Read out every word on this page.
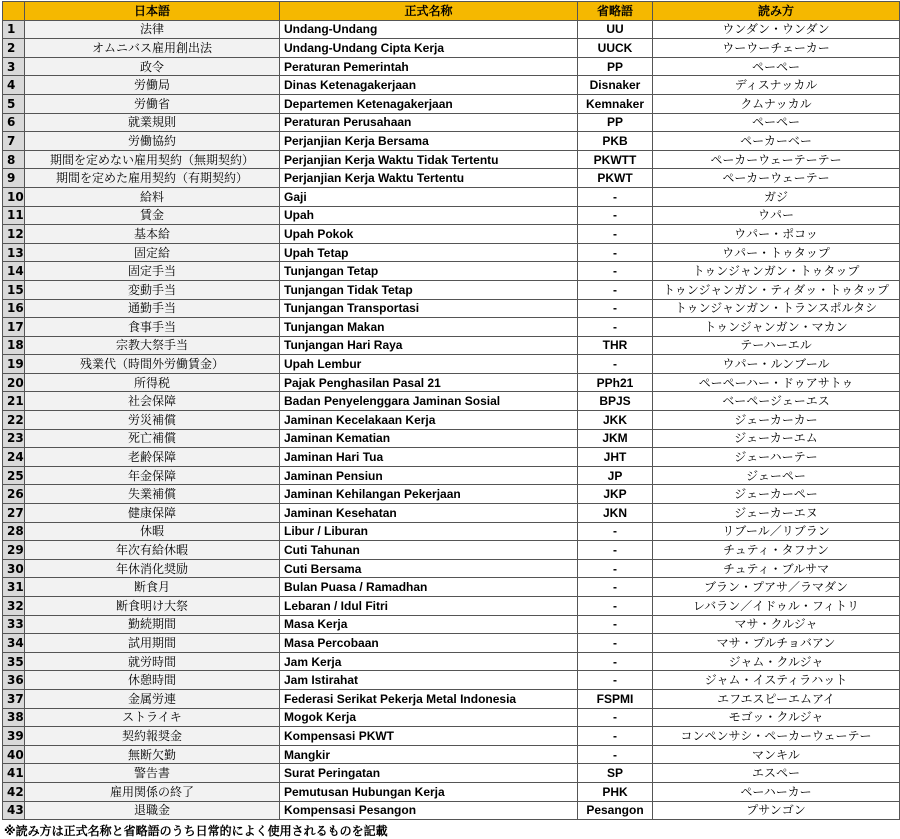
	日本語	正式名称	省略語	読み方
1	法律	Undang-Undang	UU	ウンダン・ウンダン
2	オムニバス雇用創出法	Undang-Undang Cipta Kerja	UUCK	ウーウーチェーカー
3	政令	Peraturan Pemerintah	PP	ペーペー
4	労働局	Dinas Ketenagakerjaan	Disnaker	ディスナッカル
5	労働省	Departemen Ketenagakerjaan	Kemnaker	クムナッカル
6	就業規則	Peraturan Perusahaan	PP	ペーペー
7	労働協約	Perjanjian Kerja Bersama	PKB	ペーカーベー
8	期間を定めない雇用契約（無期契約）	Perjanjian Kerja Waktu Tidak Tertentu	PKWTT	ペーカーウェーテーテー
9	期間を定めた雇用契約（有期契約）	Perjanjian Kerja Waktu Tertentu	PKWT	ペーカーウェーテー
10	給料	Gaji	-	ガジ
11	賃金	Upah	-	ウパー
12	基本給	Upah Pokok	-	ウパー・ポコッ
13	固定給	Upah Tetap	-	ウパー・トゥタップ
14	固定手当	Tunjangan Tetap	-	トゥンジャンガン・トゥタップ
15	変動手当	Tunjangan Tidak Tetap	-	トゥンジャンガン・ティダッ・トゥタップ
16	通勤手当	Tunjangan Transportasi	-	トゥンジャンガン・トランスポルタシ
17	食事手当	Tunjangan Makan	-	トゥンジャンガン・マカン
18	宗教大祭手当	Tunjangan Hari Raya	THR	テーハーエル
19	残業代（時間外労働賃金）	Upah Lembur	-	ウパー・ルンブール
20	所得税	Pajak Penghasilan Pasal 21	PPh21	ペーペーハー・ドゥアサトゥ
21	社会保障	Badan Penyelenggara Jaminan Sosial	BPJS	ベーページェーエス
22	労災補償	Jaminan Kecelakaan Kerja	JKK	ジェーカーカー
23	死亡補償	Jaminan Kematian	JKM	ジェーカーエム
24	老齢保障	Jaminan Hari Tua	JHT	ジェーハーテー
25	年金保障	Jaminan Pensiun	JP	ジェーペー
26	失業補償	Jaminan Kehilangan Pekerjaan	JKP	ジェーカーペー
27	健康保障	Jaminan Kesehatan	JKN	ジェーカーエヌ
28	休暇	Libur / Liburan	-	リブール／リブラン
29	年次有給休暇	Cuti Tahunan	-	チュティ・タフナン
30	年休消化奨励	Cuti Bersama	-	チュティ・ブルサマ
31	断食月	Bulan Puasa / Ramadhan	-	ブラン・プアサ／ラマダン
32	断食明け大祭	Lebaran / Idul Fitri	-	レバラン／イドゥル・フィトリ
33	勤続期間	Masa Kerja	-	マサ・クルジャ
34	試用期間	Masa Percobaan	-	マサ・プルチョバアン
35	就労時間	Jam Kerja	-	ジャム・クルジャ
36	休憩時間	Jam Istirahat	-	ジャム・イスティラハット
37	金属労連	Federasi Serikat Pekerja Metal Indonesia	FSPMI	エフエスピーエムアイ
38	ストライキ	Mogok Kerja	-	モゴッ・クルジャ
39	契約報奨金	Kompensasi PKWT	-	コンペンサシ・ペーカーウェーテー
40	無断欠勤	Mangkir	-	マンキル
41	警告書	Surat Peringatan	SP	エスペー
42	雇用関係の終了	Pemutusan Hubungan Kerja	PHK	ペーハーカー
43	退職金	Kompensasi Pesangon	Pesangon	プサンゴン
※読み方は正式名称と省略語のうち日常的によく使用されるものを記載
